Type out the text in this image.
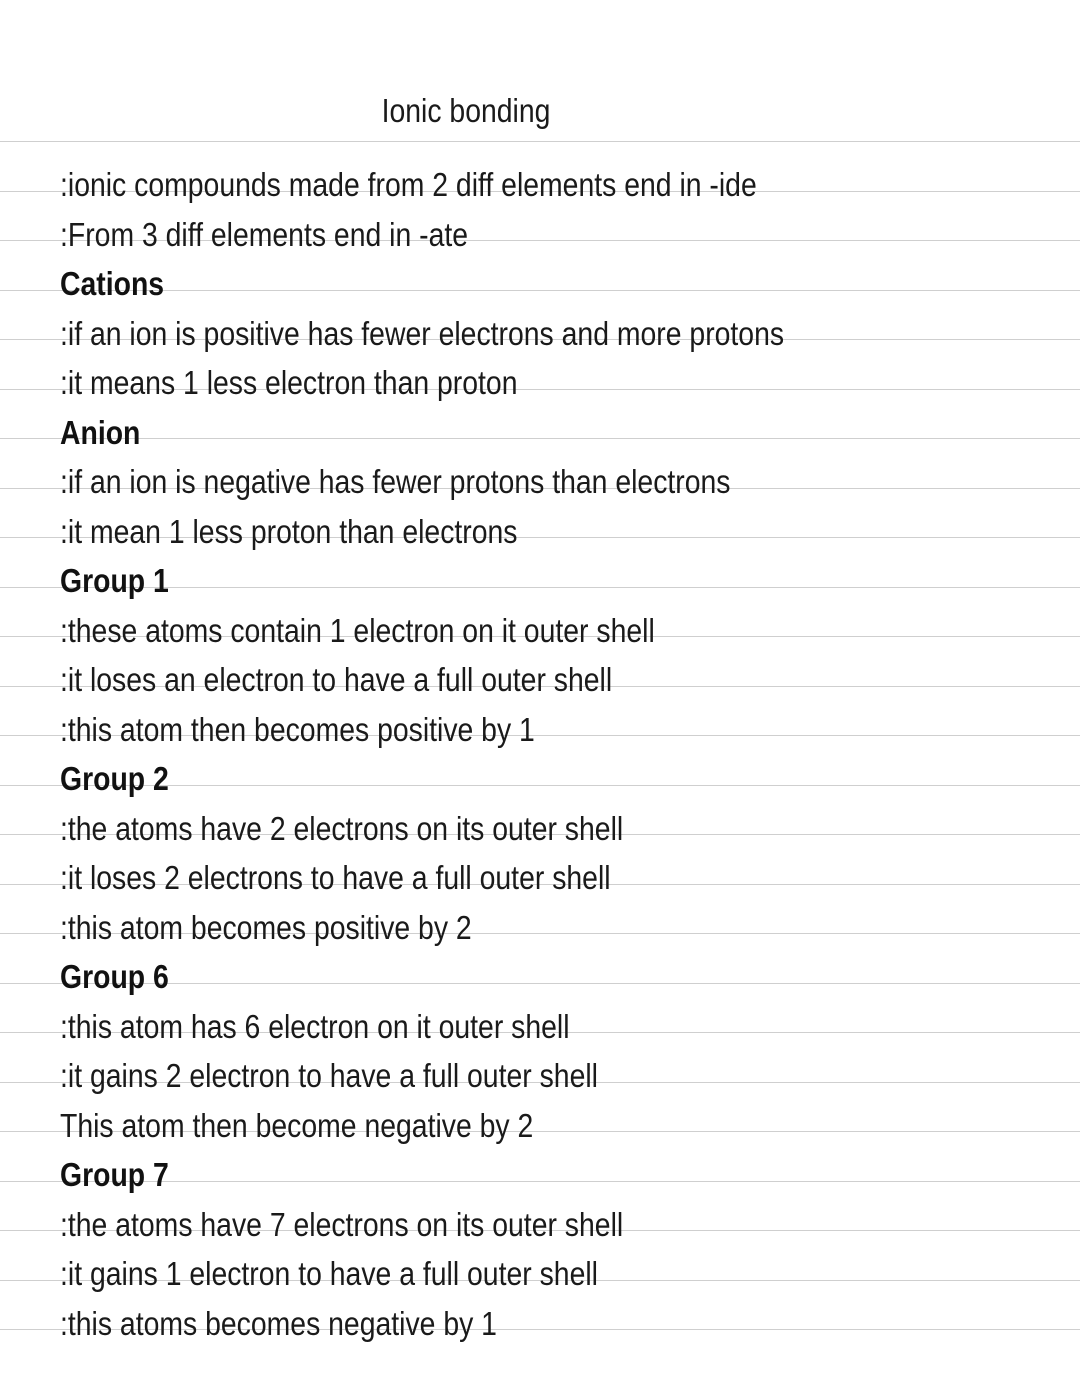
Ionic bonding
:ionic compounds made from 2 diff elements end in -ide
:From 3 diff elements end in -ate
Cations
:if an ion is positive has fewer electrons and more protons
:it means 1 less electron than proton
Anion
:if an ion is negative has fewer protons than electrons
:it mean 1 less proton than electrons
Group 1
:these atoms contain 1 electron on it outer shell
:it loses an electron to have a full outer shell
:this atom then becomes positive by 1
Group 2
:the atoms have 2 electrons on its outer shell
:it loses 2 electrons to have a full outer shell
:this atom becomes positive by 2
Group 6
:this atom has 6 electron on it outer shell
:it gains 2 electron to have a full outer shell
This atom then become negative by 2
Group 7
:the atoms have 7 electrons on its outer shell
:it gains 1 electron to have a full outer shell
:this atoms becomes negative by 1
